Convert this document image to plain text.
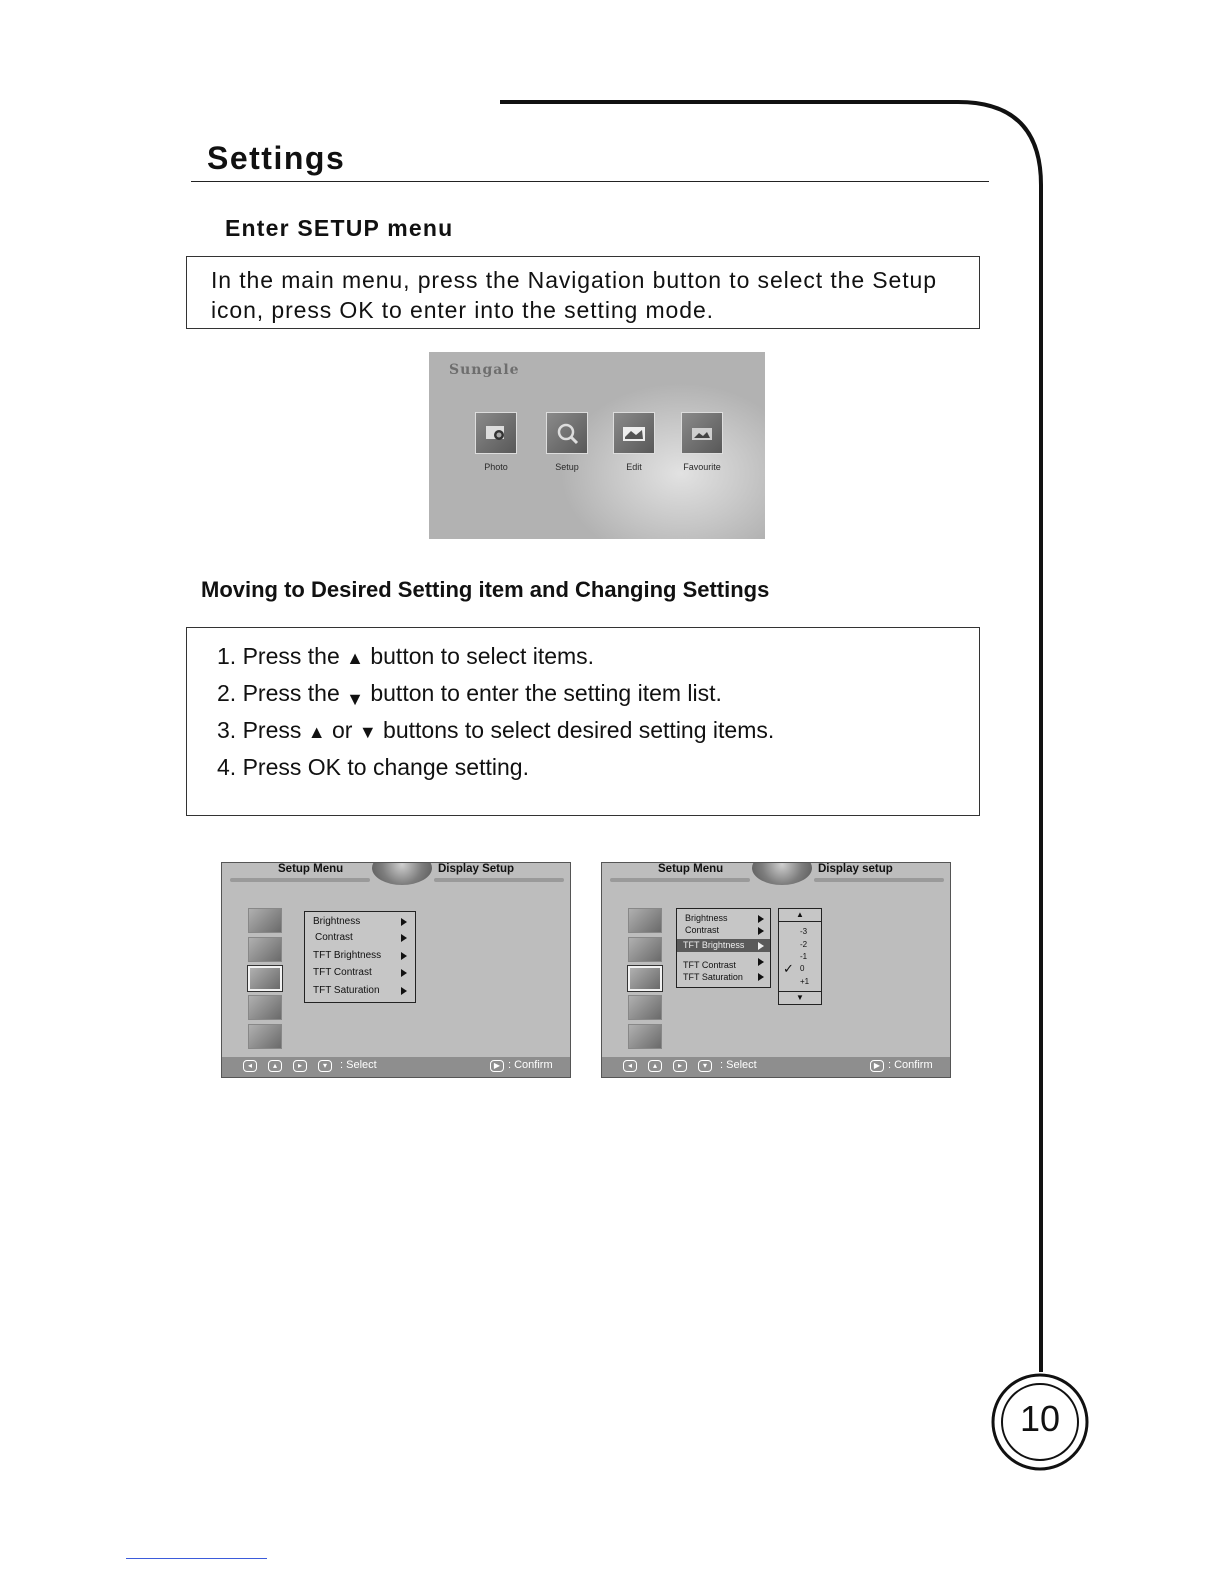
Settings
Enter SETUP menu

In the main menu, press the Navigation button to select the Setup icon, press OK to enter into the setting mode.

Sungale
Photo	Setup	Edit	Favourite
Moving to Desired Setting item and Changing Settings
1. Press the ▲ button to select items.
2. Press the ▼ button to enter the setting item list.
3. Press ▲ or ▼ buttons to select desired setting items.
4. Press OK to change setting.
Setup Menu	Display Setup
Brightness
Contrast
TFT Brightness
TFT Contrast
TFT Saturation
◂	▴	▸	▾	: Select	▶ : Confirm
Setup Menu	Display setup
Brightness
Contrast
TFT Brightness
TFT Contrast
TFT Saturation
▲
-3
-2
-1
✓ 0
+1
▼
◂	▴	▸	▾	: Select	▶ : Confirm

10
